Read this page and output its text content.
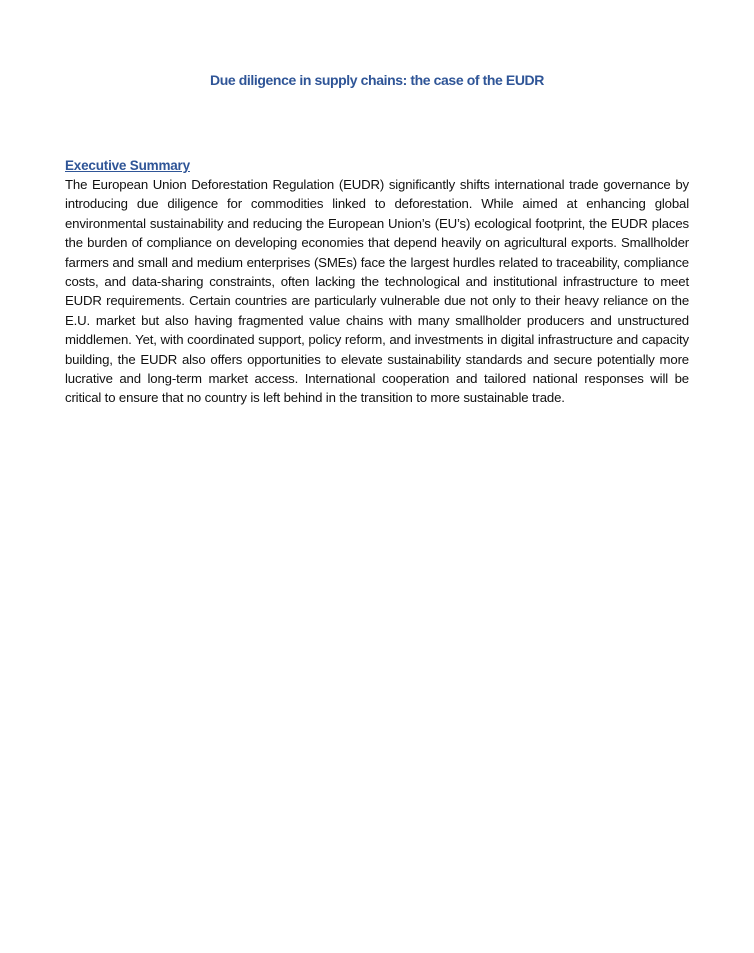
Due diligence in supply chains: the case of the EUDR
Executive Summary

The European Union Deforestation Regulation (EUDR) significantly shifts international trade governance by introducing due diligence for commodities linked to deforestation. While aimed at enhancing global environmental sustainability and reducing the European Union’s (EU’s) ecological footprint, the EUDR places the burden of compliance on developing economies that depend heavily on agricultural exports. Smallholder farmers and small and medium enterprises (SMEs) face the largest hurdles related to traceability, compliance costs, and data-sharing constraints, often lacking the technological and institutional infrastructure to meet EUDR requirements. Certain countries are particularly vulnerable due not only to their heavy reliance on the E.U. market but also having fragmented value chains with many smallholder producers and unstructured middlemen. Yet, with coordinated support, policy reform, and investments in digital infrastructure and capacity building, the EUDR also offers opportunities to elevate sustainability standards and secure potentially more lucrative and long-term market access. International cooperation and tailored national responses will be critical to ensure that no country is left behind in the transition to more sustainable trade.
